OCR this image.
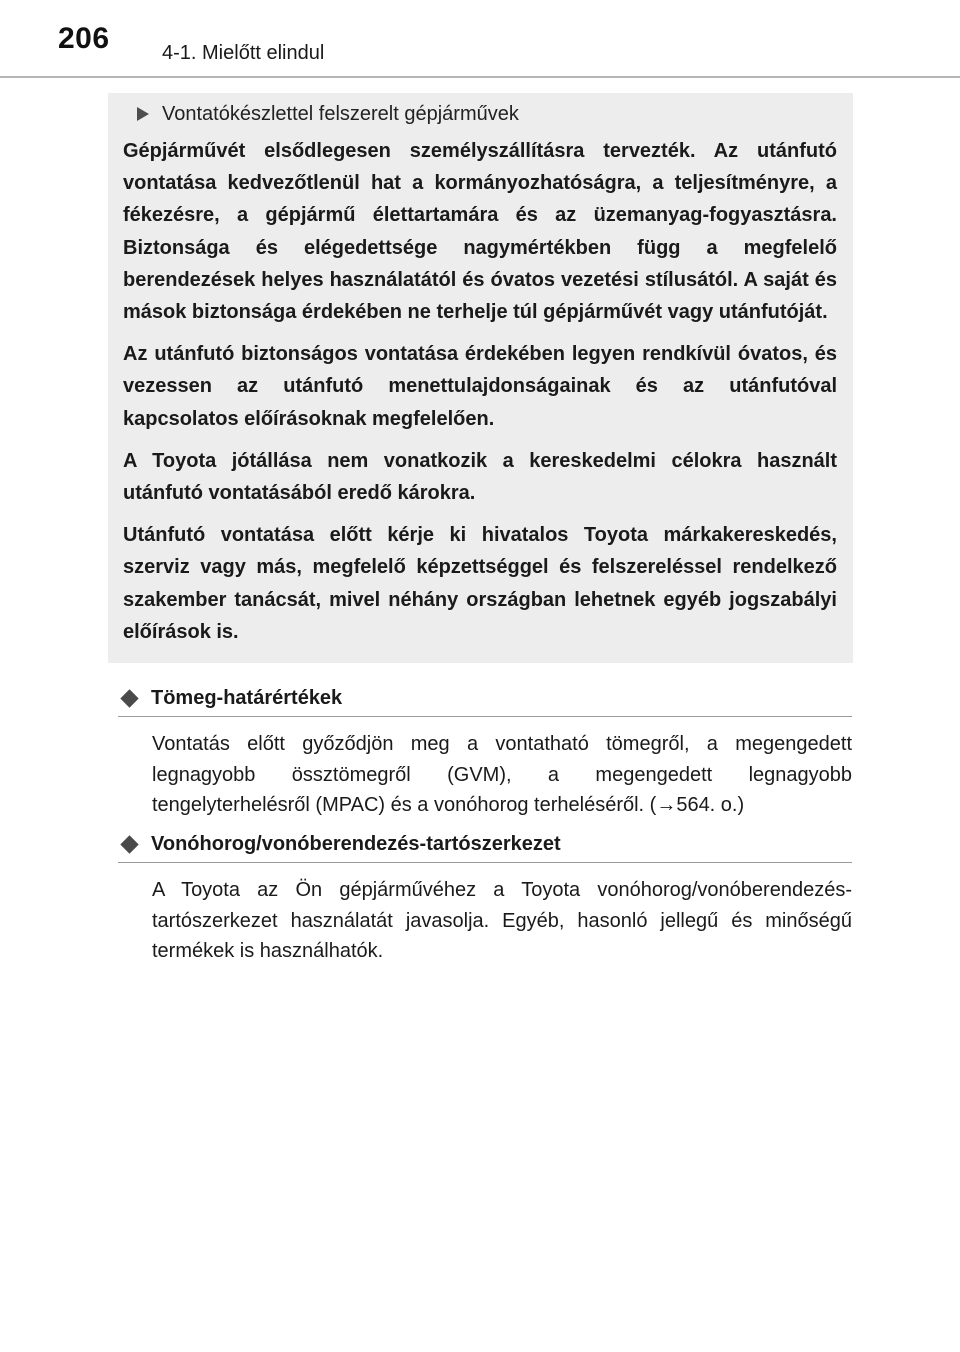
206	4-1. Mielőtt elindul
Vontatókészlettel felszerelt gépjárművek

Gépjárművét elsődlegesen személyszállításra tervezték. Az utánfutó vontatása kedvezőtlenül hat a kormányozhatóságra, a teljesítményre, a fékezésre, a gépjármű élettartamára és az üzemanyag-fogyasztásra. Biztonsága és elégedettsége nagymértékben függ a megfelelő berendezések helyes használatától és óvatos vezetési stílusától. A saját és mások biztonsága érdekében ne terhelje túl gépjárművét vagy utánfutóját.

Az utánfutó biztonságos vontatása érdekében legyen rendkívül óvatos, és vezessen az utánfutó menettulajdonságainak és az utánfutóval kapcsolatos előírásoknak megfelelően.

A Toyota jótállása nem vonatkozik a kereskedelmi célokra használt utánfutó vontatásából eredő károkra.

Utánfutó vontatása előtt kérje ki hivatalos Toyota márkakereskedés, szerviz vagy más, megfelelő képzettséggel és felszereléssel rendelkező szakember tanácsát, mivel néhány országban lehetnek egyéb jogszabályi előírások is.

Tömeg-határértékek
Vontatás előtt győződjön meg a vontatható tömegről, a megengedett legnagyobb össztömegről (GVM), a megengedett legnagyobb tengelyterhelésről (MPAC) és a vonóhorog terheléséről. (→564. o.)
Vonóhorog/vonóberendezés-tartószerkezet
A Toyota az Ön gépjárművéhez a Toyota vonóhorog/vonóberendezés-tartószerkezet használatát javasolja. Egyéb, hasonló jellegű és minőségű termékek is használhatók.
